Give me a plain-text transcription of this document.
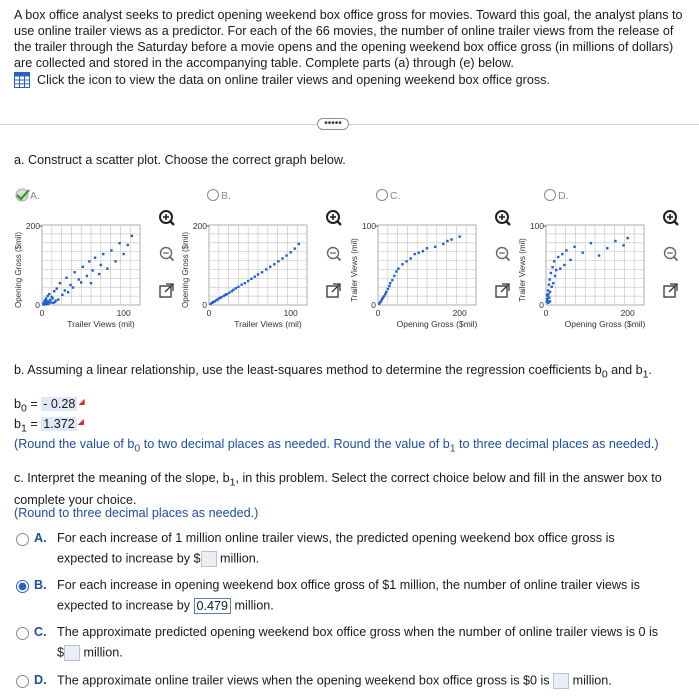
A box office analyst seeks to predict opening weekend box office gross for movies. Toward this goal, the analyst plans to use online trailer views as a predictor. For each of the 66 movies, the number of online trailer views from the release of the trailer through the Saturday before a movie opens and the opening weekend box office gross (in millions of dollars) are collected and stored in the accompanying table. Complete parts (a) through (e) below.

Click the icon to view the data on online trailer views and opening weekend box office gross.
•••••
a. Construct a scatter plot. Choose the correct graph below.
A.
Opening Gross ($mil)
200
0
0	100
Trailer Views (mil)
B.
Opening Gross ($mil)
200
0
0	100
Trailer Views (mil)
C.
Trailer Views (mil)
100
0
0	200
Opening Gross ($mil)
D.
Trailer Views (mil)
100
0
0	200
Opening Gross ($mil)
b. Assuming a linear relationship, use the least-squares method to determine the regression coefficients $b_0$ and $b_1$.
$b_0$ = - 0.28 ◢
$b_1 = 1.372$ ◢
(Round the value of $b_0$ to two decimal places as needed. Round the value of $b_1$ to three decimal places as needed.)
c. Interpret the meaning of the slope, $b_1$, in this problem. Select the correct choice below and fill in the answer box to complete your choice.
(Round to three decimal places as needed.)
A. For each increase of 1 million online trailer views, the predicted opening weekend box office gross is
expected to increase by $ million.
B. For each increase in opening weekend box office gross of $1 million, the number of online trailer views is
expected to increase by 0.479 million.
C. The approximate predicted opening weekend box office gross when the number of online trailer views is 0 is
$ million.
D. The approximate online trailer views when the opening weekend box office gross is $0 is  million.
